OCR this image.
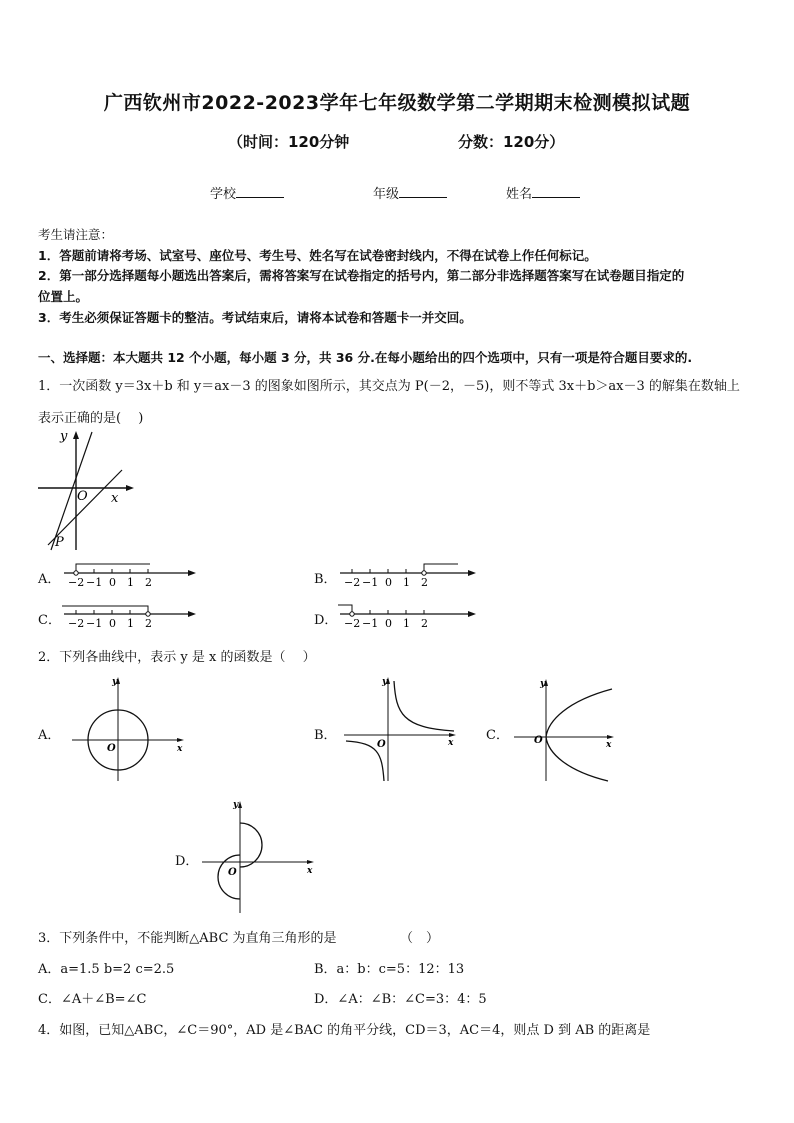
广西钦州市2022-2023学年七年级数学第二学期期末检测模拟试题
（时间：120分钟	分数：120分）
学校	年级	姓名
考生请注意：
1．答题前请将考场、试室号、座位号、考生号、姓名写在试卷密封线内，不得在试卷上作任何标记。
2．第一部分选择题每小题选出答案后，需将答案写在试卷指定的括号内，第二部分非选择题答案写在试卷题目指定的
位置上。
3．考生必须保证答题卡的整洁。考试结束后，请将本试卷和答题卡一并交回。
一、选择题：本大题共 12 个小题，每小题 3 分，共 36 分.在每小题给出的四个选项中，只有一项是符合题目要求的.
1．一次函数 y＝3x＋b 和 y＝ax－3 的图象如图所示，其交点为 P(－2，－5)，则不等式 3x＋b＞ax－3 的解集在数轴上
表示正确的是(　 )
y
x
O
P
A． −2 −1 0 1 2	B． −2 −1 0 1 2
C． −2 −1 0 1 2	D． −2 −1 0 1 2
2．下列各曲线中，表示 y 是 x 的函数是（　 ）
A．
y
x
O
B．
y
x
O
C．
y
x
O
D．
y
x
O
3．下列条件中，不能判断△ABC 为直角三角形的是	（　）
A．a=1.5 b=2 c=2.5	B．a：b：c=5：12：13
C．∠A＋∠B=∠C	D．∠A：∠B：∠C=3：4：5
4．如图，已知△ABC，∠C＝90°，AD 是∠BAC 的角平分线，CD＝3，AC＝4，则点 D 到 AB 的距离是
